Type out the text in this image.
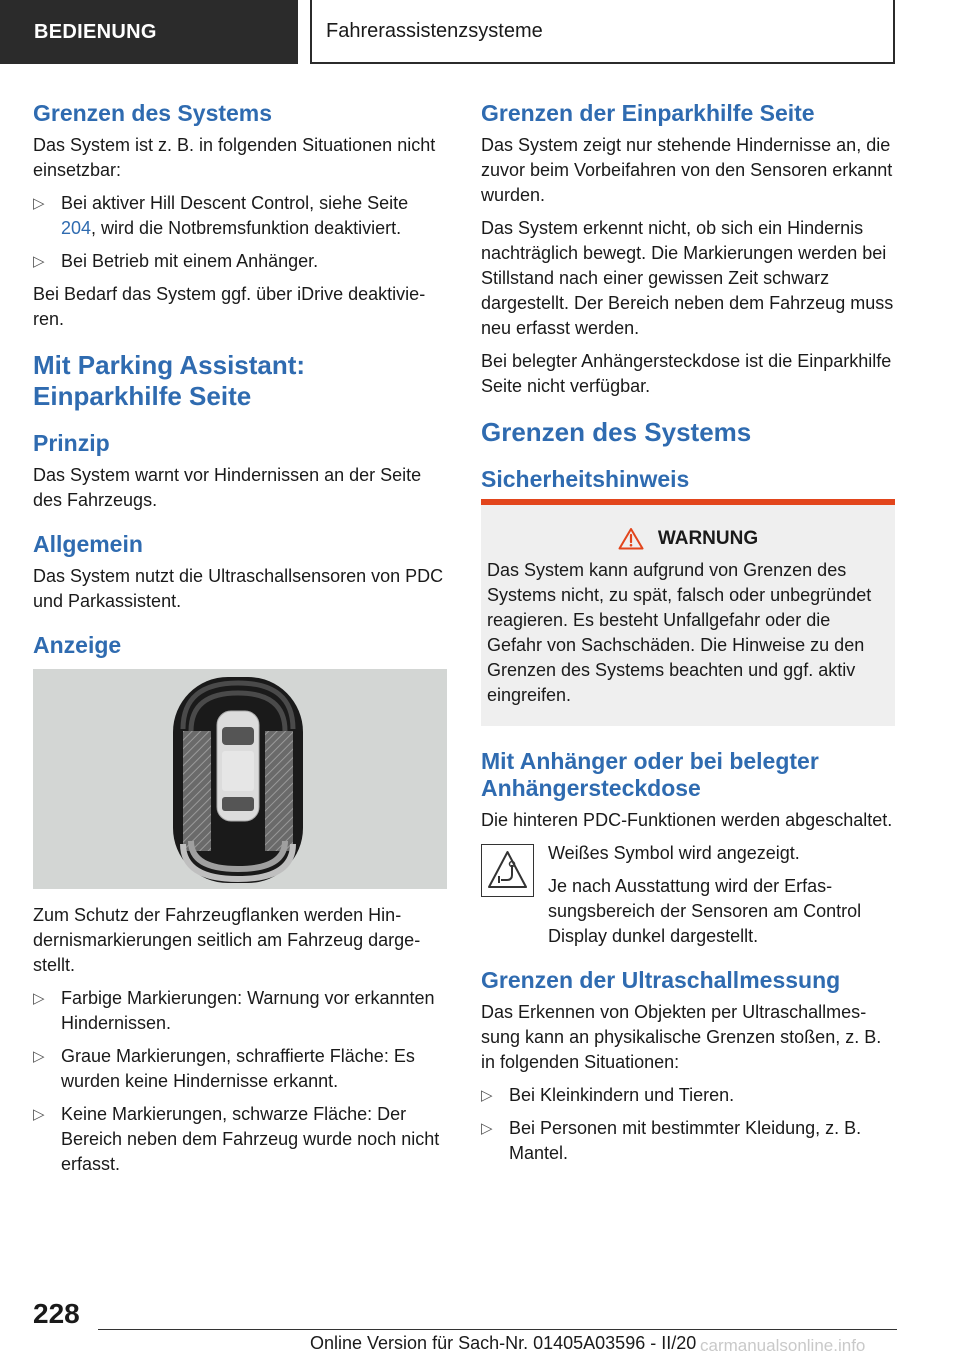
BEDIENUNG	Fahrerassistenzsysteme
Grenzen des Systems

Das System ist z. B. in folgenden Situationen nicht einsetzbar:

▷ Bei aktiver Hill Descent Control, siehe Seite 204, wird die Notbremsfunktion deaktiviert.
▷ Bei Betrieb mit einem Anhänger.

Bei Bedarf das System ggf. über iDrive deaktivieren.

Mit Parking Assistant: Einparkhilfe Seite
Prinzip

Das System warnt vor Hindernissen an der Seite des Fahrzeugs.

Allgemein

Das System nutzt die Ultraschallsensoren von PDC und Parkassistent.

Anzeige

Zum Schutz der Fahrzeugflanken werden Hindernismarkierungen seitlich am Fahrzeug dargestellt.

▷ Farbige Markierungen: Warnung vor erkannten Hindernissen.
▷ Graue Markierungen, schraffierte Fläche: Es wurden keine Hindernisse erkannt.
▷ Keine Markierungen, schwarze Fläche: Der Bereich neben dem Fahrzeug wurde noch nicht erfasst.
Grenzen der Einparkhilfe Seite

Das System zeigt nur stehende Hindernisse an, die zuvor beim Vorbeifahren von den Sensoren erkannt wurden.

Das System erkennt nicht, ob sich ein Hindernis nachträglich bewegt. Die Markierungen werden bei Stillstand nach einer gewissen Zeit schwarz dargestellt. Der Bereich neben dem Fahrzeug muss neu erfasst werden.

Bei belegter Anhängersteckdose ist die Einparkhilfe Seite nicht verfügbar.

Grenzen des Systems
Sicherheitshinweis
WARNUNG

Das System kann aufgrund von Grenzen des Systems nicht, zu spät, falsch oder unbegründet reagieren. Es besteht Unfallgefahr oder die Gefahr von Sachschäden. Die Hinweise zu den Grenzen des Systems beachten und ggf. aktiv eingreifen.

Mit Anhänger oder bei belegter Anhängersteckdose

Die hinteren PDC-Funktionen werden abgeschaltet.

Weißes Symbol wird angezeigt.

Je nach Ausstattung wird der Erfassungsbereich der Sensoren am Control Display dunkel dargestellt.

Grenzen der Ultraschallmessung

Das Erkennen von Objekten per Ultraschallmessung kann an physikalische Grenzen stoßen, z. B. in folgenden Situationen:

▷ Bei Kleinkindern und Tieren.
▷ Bei Personen mit bestimmter Kleidung, z. B. Mantel.
228
Online Version für Sach-Nr. 01405A03596 - II/20 carmanualsonline.info
